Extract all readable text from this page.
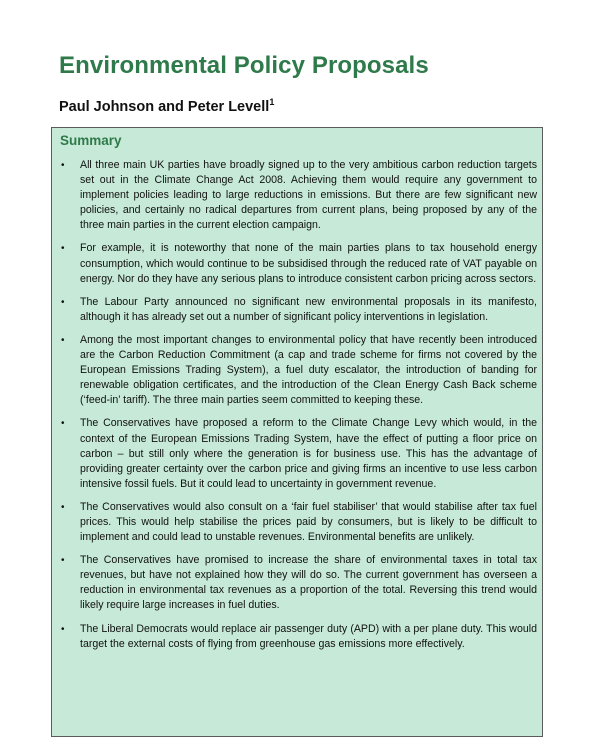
Environmental Policy Proposals
Paul Johnson and Peter Levell$^1$
Summary
• All three main UK parties have broadly signed up to the very ambitious carbon reduction targets set out in the Climate Change Act 2008. Achieving them would require any government to implement policies leading to large reductions in emissions. But there are few significant new policies, and certainly no radical departures from current plans, being proposed by any of the three main parties in the current election campaign.
• For example, it is noteworthy that none of the main parties plans to tax household energy consumption, which would continue to be subsidised through the reduced rate of VAT payable on energy. Nor do they have any serious plans to introduce consistent carbon pricing across sectors.
• The Labour Party announced no significant new environmental proposals in its manifesto, although it has already set out a number of significant policy interventions in legislation.
• Among the most important changes to environmental policy that have recently been introduced are the Carbon Reduction Commitment (a cap and trade scheme for firms not covered by the European Emissions Trading System), a fuel duty escalator, the introduction of banding for renewable obligation certificates, and the introduction of the Clean Energy Cash Back scheme (‘feed-in’ tariff). The three main parties seem committed to keeping these.
• The Conservatives have proposed a reform to the Climate Change Levy which would, in the context of the European Emissions Trading System, have the effect of putting a floor price on carbon – but still only where the generation is for business use. This has the advantage of providing greater certainty over the carbon price and giving firms an incentive to use less carbon intensive fossil fuels. But it could lead to uncertainty in government revenue.
• The Conservatives would also consult on a ‘fair fuel stabiliser’ that would stabilise after tax fuel prices. This would help stabilise the prices paid by consumers, but is likely to be difficult to implement and could lead to unstable revenues. Environmental benefits are unlikely.
• The Conservatives have promised to increase the share of environmental taxes in total tax revenues, but have not explained how they will do so. The current government has overseen a reduction in environmental tax revenues as a proportion of the total. Reversing this trend would likely require large increases in fuel duties.
• The Liberal Democrats would replace air passenger duty (APD) with a per plane duty. This would target the external costs of flying from greenhouse gas emissions more effectively.
